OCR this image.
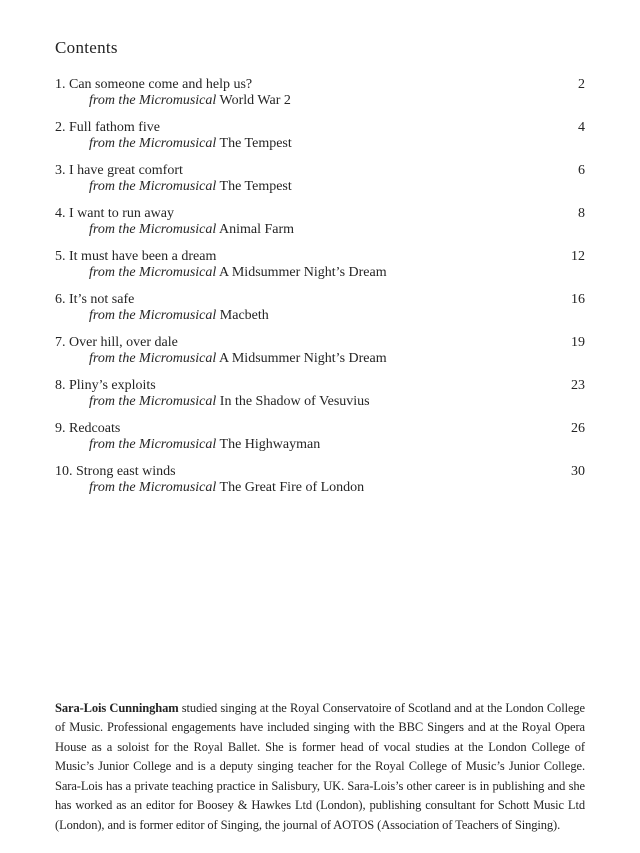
Contents
1. Can someone come and help us?	2
from the Micromusical World War 2
2. Full fathom five	4
from the Micromusical The Tempest
3. I have great comfort	6
from the Micromusical The Tempest
4. I want to run away	8
from the Micromusical Animal Farm
5. It must have been a dream	12
from the Micromusical A Midsummer Night’s Dream
6. It’s not safe	16
from the Micromusical Macbeth
7. Over hill, over dale	19
from the Micromusical A Midsummer Night’s Dream
8. Pliny’s exploits	23
from the Micromusical In the Shadow of Vesuvius
9. Redcoats	26
from the Micromusical The Highwayman
10. Strong east winds	30
from the Micromusical The Great Fire of London

Sara-Lois Cunningham studied singing at the Royal Conservatoire of Scotland and at the London College of Music. Professional engagements have included singing with the BBC Singers and at the Royal Opera House as a soloist for the Royal Ballet. She is former head of vocal studies at the London College of Music’s Junior College and is a deputy singing teacher for the Royal College of Music’s Junior College. Sara-Lois has a private teaching practice in Salisbury, UK. Sara-Lois’s other career is in publishing and she has worked as an editor for Boosey & Hawkes Ltd (London), publishing consultant for Schott Music Ltd (London), and is former editor of Singing, the journal of AOTOS (Association of Teachers of Singing).
